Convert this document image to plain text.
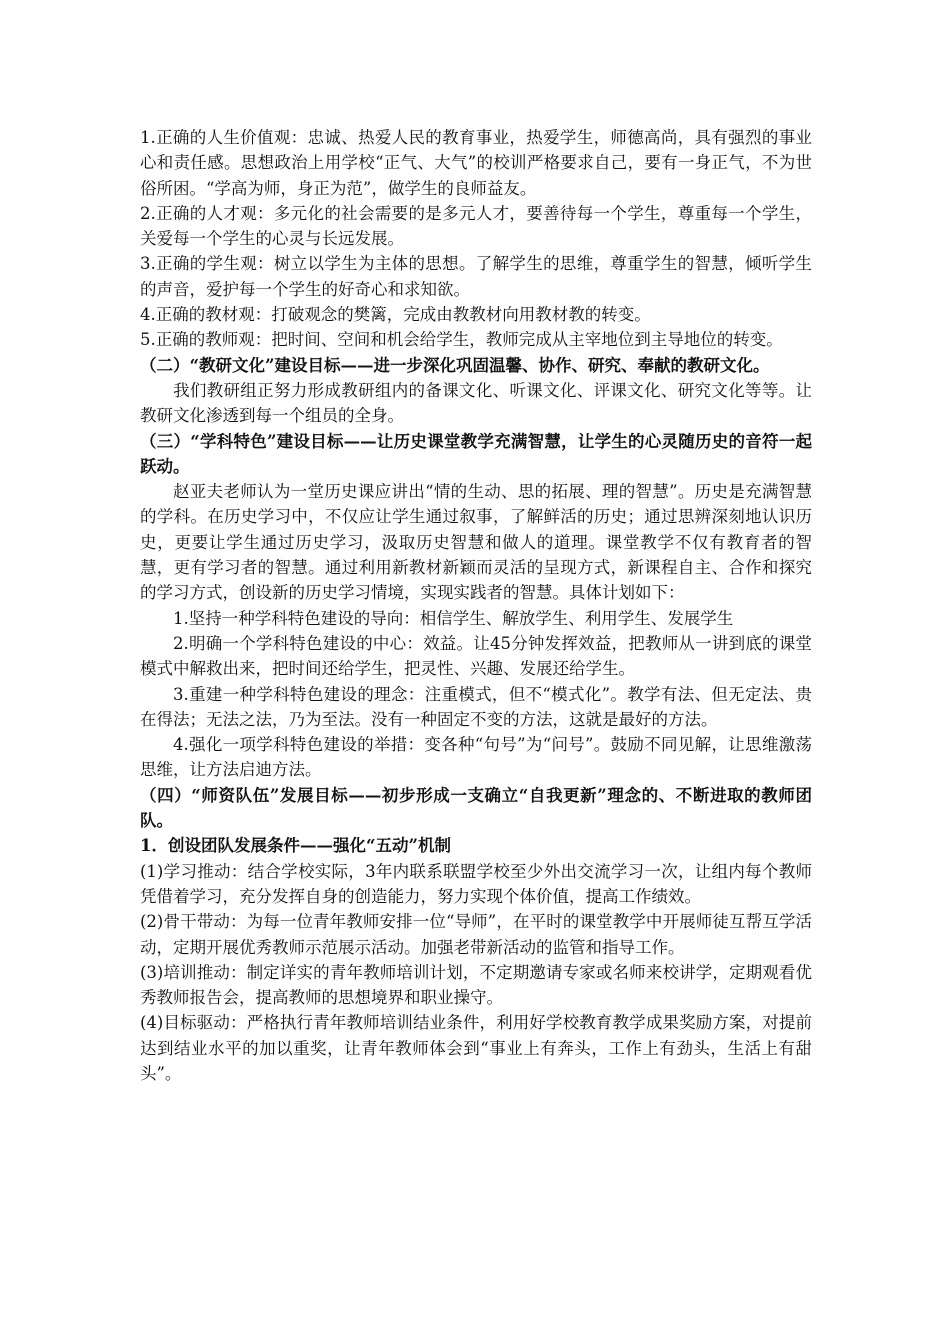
1.正确的人生价值观：忠诚、热爱人民的教育事业，热爱学生，师德高尚，具有强烈的事业心和责任感。思想政治上用学校“正气、大气”的校训严格要求自己，要有一身正气，不为世俗所困。“学高为师，身正为范”，做学生的良师益友。

2.正确的人才观：多元化的社会需要的是多元人才，要善待每一个学生，尊重每一个学生，关爱每一个学生的心灵与长远发展。

3.正确的学生观：树立以学生为主体的思想。了解学生的思维，尊重学生的智慧，倾听学生的声音，爱护每一个学生的好奇心和求知欲。

4.正确的教材观：打破观念的樊篱，完成由教教材向用教材教的转变。

5.正确的教师观：把时间、空间和机会给学生，教师完成从主宰地位到主导地位的转变。

（二）“教研文化”建设目标——进一步深化巩固温馨、协作、研究、奉献的教研文化。

我们教研组正努力形成教研组内的备课文化、听课文化、评课文化、研究文化等等。让教研文化渗透到每一个组员的全身。

（三）“学科特色”建设目标——让历史课堂教学充满智慧，让学生的心灵随历史的音符一起跃动。

赵亚夫老师认为一堂历史课应讲出“情的生动、思的拓展、理的智慧”。历史是充满智慧的学科。在历史学习中，不仅应让学生通过叙事，了解鲜活的历史；通过思辨深刻地认识历史，更要让学生通过历史学习，汲取历史智慧和做人的道理。课堂教学不仅有教育者的智慧，更有学习者的智慧。通过利用新教材新颖而灵活的呈现方式，新课程自主、合作和探究的学习方式，创设新的历史学习情境，实现实践者的智慧。具体计划如下：

1.坚持一种学科特色建设的导向：相信学生、解放学生、利用学生、发展学生

2.明确一个学科特色建设的中心：效益。让45分钟发挥效益，把教师从一讲到底的课堂模式中解救出来，把时间还给学生，把灵性、兴趣、发展还给学生。

3.重建一种学科特色建设的理念：注重模式，但不“模式化”。教学有法、但无定法、贵在得法；无法之法，乃为至法。没有一种固定不变的方法，这就是最好的方法。

4.强化一项学科特色建设的举措：变各种“句号”为“问号”。鼓励不同见解，让思维激荡思维，让方法启迪方法。

（四）“师资队伍”发展目标——初步形成一支确立“自我更新”理念的、不断进取的教师团队。

1．创设团队发展条件——强化“五动”机制

(1)学习推动：结合学校实际，3年内联系联盟学校至少外出交流学习一次，让组内每个教师凭借着学习，充分发挥自身的创造能力，努力实现个体价值，提高工作绩效。

(2)骨干带动：为每一位青年教师安排一位“导师”，在平时的课堂教学中开展师徒互帮互学活动，定期开展优秀教师示范展示活动。加强老带新活动的监管和指导工作。

(3)培训推动：制定详实的青年教师培训计划，不定期邀请专家或名师来校讲学，定期观看优秀教师报告会，提高教师的思想境界和职业操守。

(4)目标驱动：严格执行青年教师培训结业条件，利用好学校教育教学成果奖励方案，对提前达到结业水平的加以重奖，让青年教师体会到“事业上有奔头，工作上有劲头，生活上有甜头”。
